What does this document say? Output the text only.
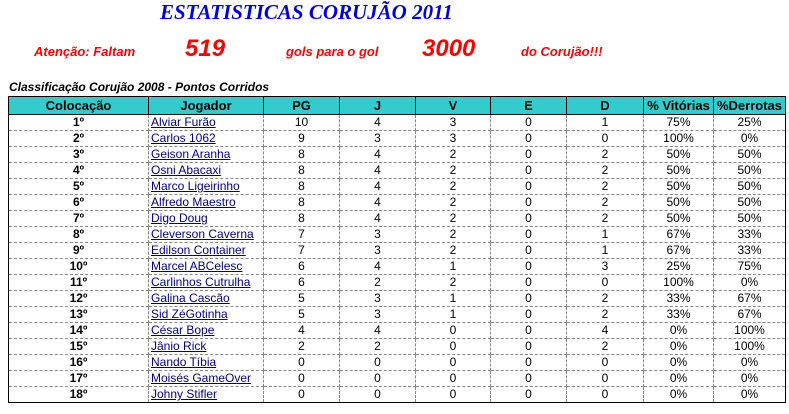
ESTATISTICAS CORUJÃO 2011
Atenção: Faltam 519	gols para o gol 3000	do Corujão!!!
Classificação Corujão 2008 - Pontos Corridos
Colocação	Jogador	PG	J	V	E	D	% Vitórias	%Derrotas
1º	Alviar Furão	10	4	3	0	1	75%	25%
2º	Carlos 1062	9	3	3	0	0	100%	0%
3º	Geison Aranha	8	4	2	0	2	50%	50%
4º	Osni Abacaxi	8	4	2	0	2	50%	50%
5º	Marco Ligeirinho	8	4	2	0	2	50%	50%
6º	Alfredo Maestro	8	4	2	0	2	50%	50%
7º	Digo Doug	8	4	2	0	2	50%	50%
8º	Cleverson Caverna	7	3	2	0	1	67%	33%
9º	Edilson Container	7	3	2	0	1	67%	33%
10º	Marcel ABCelesc	6	4	1	0	3	25%	75%
11º	Carlinhos Cutrulha	6	2	2	0	0	100%	0%
12º	Galina Cascão	5	3	1	0	2	33%	67%
13º	Sid ZéGotinha	5	3	1	0	2	33%	67%
14º	César Bope	4	4	0	0	4	0%	100%
15º	Jânio Rick	2	2	0	0	2	0%	100%
16º	Nando Tíbia	0	0	0	0	0	0%	0%
17º	Moisés GameOver	0	0	0	0	0	0%	0%
18º	Johny Stifler	0	0	0	0	0	0%	0%
